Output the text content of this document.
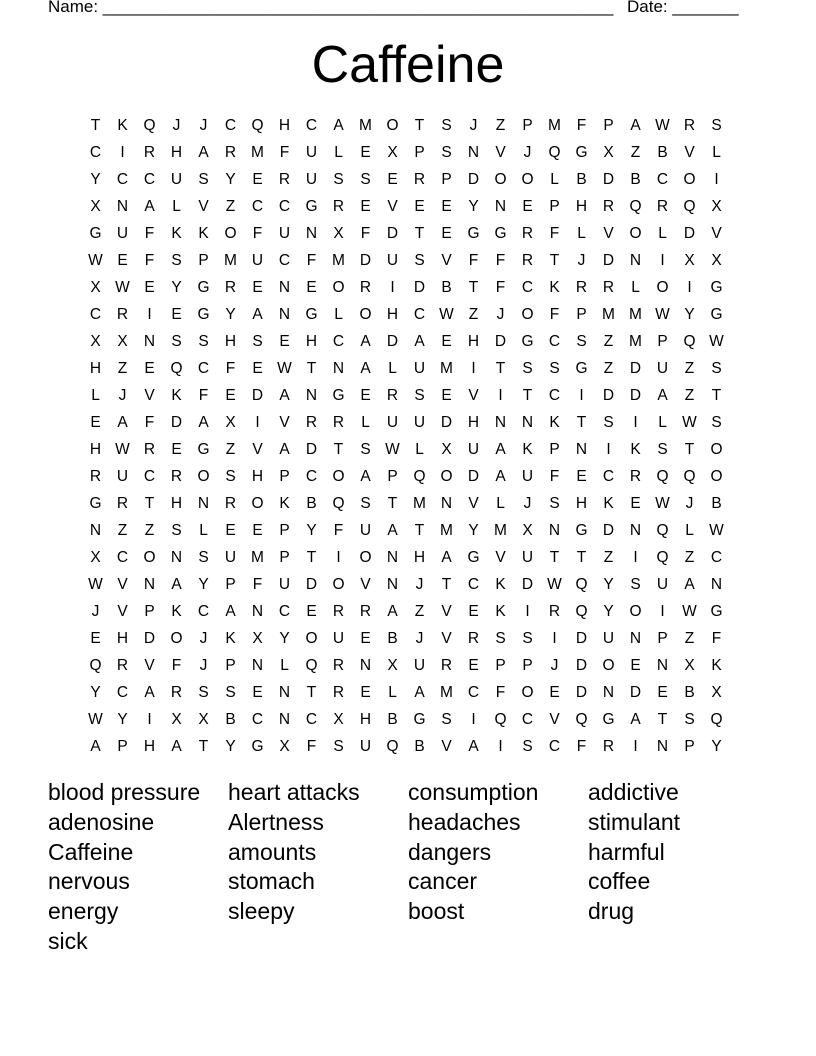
Name: ______________________________________________________ Date: _______
Caffeine
T	K	Q	J	J	C Q H	C	A M O	T	S	J	Z	P M	F	P	A W R	S
C	I	R	H	A	R M	F	U	L	E	X	P	S	N	V	J	Q G	X	Z	B	V	L
Y	C	C	U	S	Y	E	R	U	S	S	E	R	P	D O O	L	B	D	B	C O	I
X	N	A	L	V	Z	C	C G R	E	V	E	E	Y	N	E	P	H	R Q R Q	X
G U	F	K	K	O	F	U	N	X	F	D	T	E	G G R	F	L	V	O	L	D	V
W E	F	S	P M U	C	F	M D	U	S	V	F	F	R	T	J	D	N	I	X	X
X W E	Y	G R	E	N	E	O R	I	D	B	T	F	C	K	R	R	L	O	I	G
C	R	I	E	G	Y	A	N G	L	O H	C W Z	J	O	F	P M M W Y	G
X	X	N	S	S	H	S	E	H	C	A	D	A	E	H	D G C	S	Z	M P	Q W
H	Z	E	Q C	F	E W T	N	A	L	U M	I	T	S	S	G	Z	D	U	Z	S
L	J	V	K	F	E	D	A	N G	E	R	S	E	V	I	T	C	I	D	D	A	Z	T
E	A	F	D	A	X	I	V	R	R	L	U	U	D	H	N	N	K	T	S	I	L W S
H W R	E	G	Z	V	A	D	T	S W L	X	U	A	K	P	N	I	K	S	T	O
R	U	C	R O	S	H	P	C O	A	P	Q O D	A	U	F	E	C	R Q Q O
G R	T	H	N	R O	K	B	Q	S	T	M N	V	L	J	S	H	K	E W	J	B
N	Z	Z	S	L	E	E	P	Y	F	U	A	T	M Y M X	N G D	N Q	L W
X	C O N	S	U M P	T	I	O N	H	A	G	V	U	T	T	Z	I	Q	Z	C
W V	N	A	Y	P	F	U	D O	V	N	J	T	C	K	D W Q	Y	S	U	A	N
J	V	P	K	C	A	N	C	E	R	R	A	Z	V	E	K	I	R Q	Y	O	I	W G
E	H	D O	J	K	X	Y	O U	E	B	J	V	R	S	S	I	D	U	N	P	Z	F
Q R	V	F	J	P	N	L	Q R	N	X	U	R	E	P	P	J	D O	E	N	X	K
Y	C	A	R	S	S	E	N	T	R	E	L	A M C	F	O	E	D	N	D	E	B	X
W Y	I	X	X	B	C	N	C	X	H	B	G	S	I	Q C	V	Q G	A	T	S	Q
A	P	H	A	T	Y	G	X	F	S	U Q	B	V	A	I	S	C	F	R	I	N	P	Y
blood pressure	heart attacks	consumption	addictive
adenosine	Alertness	headaches	stimulant
Caffeine	amounts	dangers	harmful
nervous	stomach	cancer	coffee
energy	sleepy	boost	drug
sick
